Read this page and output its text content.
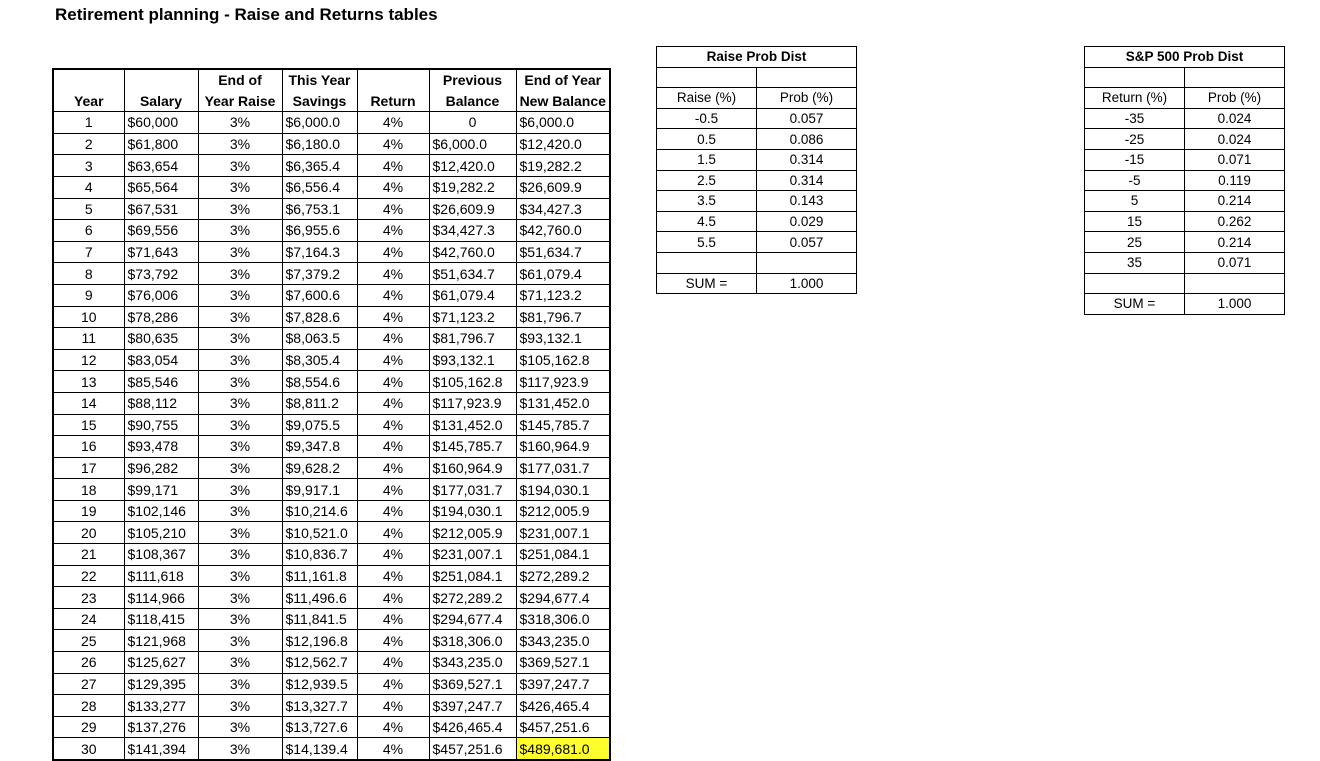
Retirement planning - Raise and Returns tables
		End of	This Year		Previous	End of Year
Year	Salary	Year Raise	Savings	Return	Balance	New Balance
1	$60,000	3%	$6,000.0	4%	0	$6,000.0
2	$61,800	3%	$6,180.0	4%	$6,000.0	$12,420.0
3	$63,654	3%	$6,365.4	4%	$12,420.0	$19,282.2
4	$65,564	3%	$6,556.4	4%	$19,282.2	$26,609.9
5	$67,531	3%	$6,753.1	4%	$26,609.9	$34,427.3
6	$69,556	3%	$6,955.6	4%	$34,427.3	$42,760.0
7	$71,643	3%	$7,164.3	4%	$42,760.0	$51,634.7
8	$73,792	3%	$7,379.2	4%	$51,634.7	$61,079.4
9	$76,006	3%	$7,600.6	4%	$61,079.4	$71,123.2
10	$78,286	3%	$7,828.6	4%	$71,123.2	$81,796.7
11	$80,635	3%	$8,063.5	4%	$81,796.7	$93,132.1
12	$83,054	3%	$8,305.4	4%	$93,132.1	$105,162.8
13	$85,546	3%	$8,554.6	4%	$105,162.8	$117,923.9
14	$88,112	3%	$8,811.2	4%	$117,923.9	$131,452.0
15	$90,755	3%	$9,075.5	4%	$131,452.0	$145,785.7
16	$93,478	3%	$9,347.8	4%	$145,785.7	$160,964.9
17	$96,282	3%	$9,628.2	4%	$160,964.9	$177,031.7
18	$99,171	3%	$9,917.1	4%	$177,031.7	$194,030.1
19	$102,146	3%	$10,214.6	4%	$194,030.1	$212,005.9
20	$105,210	3%	$10,521.0	4%	$212,005.9	$231,007.1
21	$108,367	3%	$10,836.7	4%	$231,007.1	$251,084.1
22	$111,618	3%	$11,161.8	4%	$251,084.1	$272,289.2
23	$114,966	3%	$11,496.6	4%	$272,289.2	$294,677.4
24	$118,415	3%	$11,841.5	4%	$294,677.4	$318,306.0
25	$121,968	3%	$12,196.8	4%	$318,306.0	$343,235.0
26	$125,627	3%	$12,562.7	4%	$343,235.0	$369,527.1
27	$129,395	3%	$12,939.5	4%	$369,527.1	$397,247.7
28	$133,277	3%	$13,327.7	4%	$397,247.7	$426,465.4
29	$137,276	3%	$13,727.6	4%	$426,465.4	$457,251.6
30	$141,394	3%	$14,139.4	4%	$457,251.6	$489,681.0
Raise Prob Dist	

Raise (%)	Prob (%)
-0.5	0.057
0.5	0.086
1.5	0.314
2.5	0.314
3.5	0.143
4.5	0.029
5.5	0.057

SUM =	1.000
S&P 500 Prob Dist	

Return (%)	Prob (%)
-35	0.024
-25	0.024
-15	0.071
-5	0.119
5	0.214
15	0.262
25	0.214
35	0.071

SUM =	1.000
